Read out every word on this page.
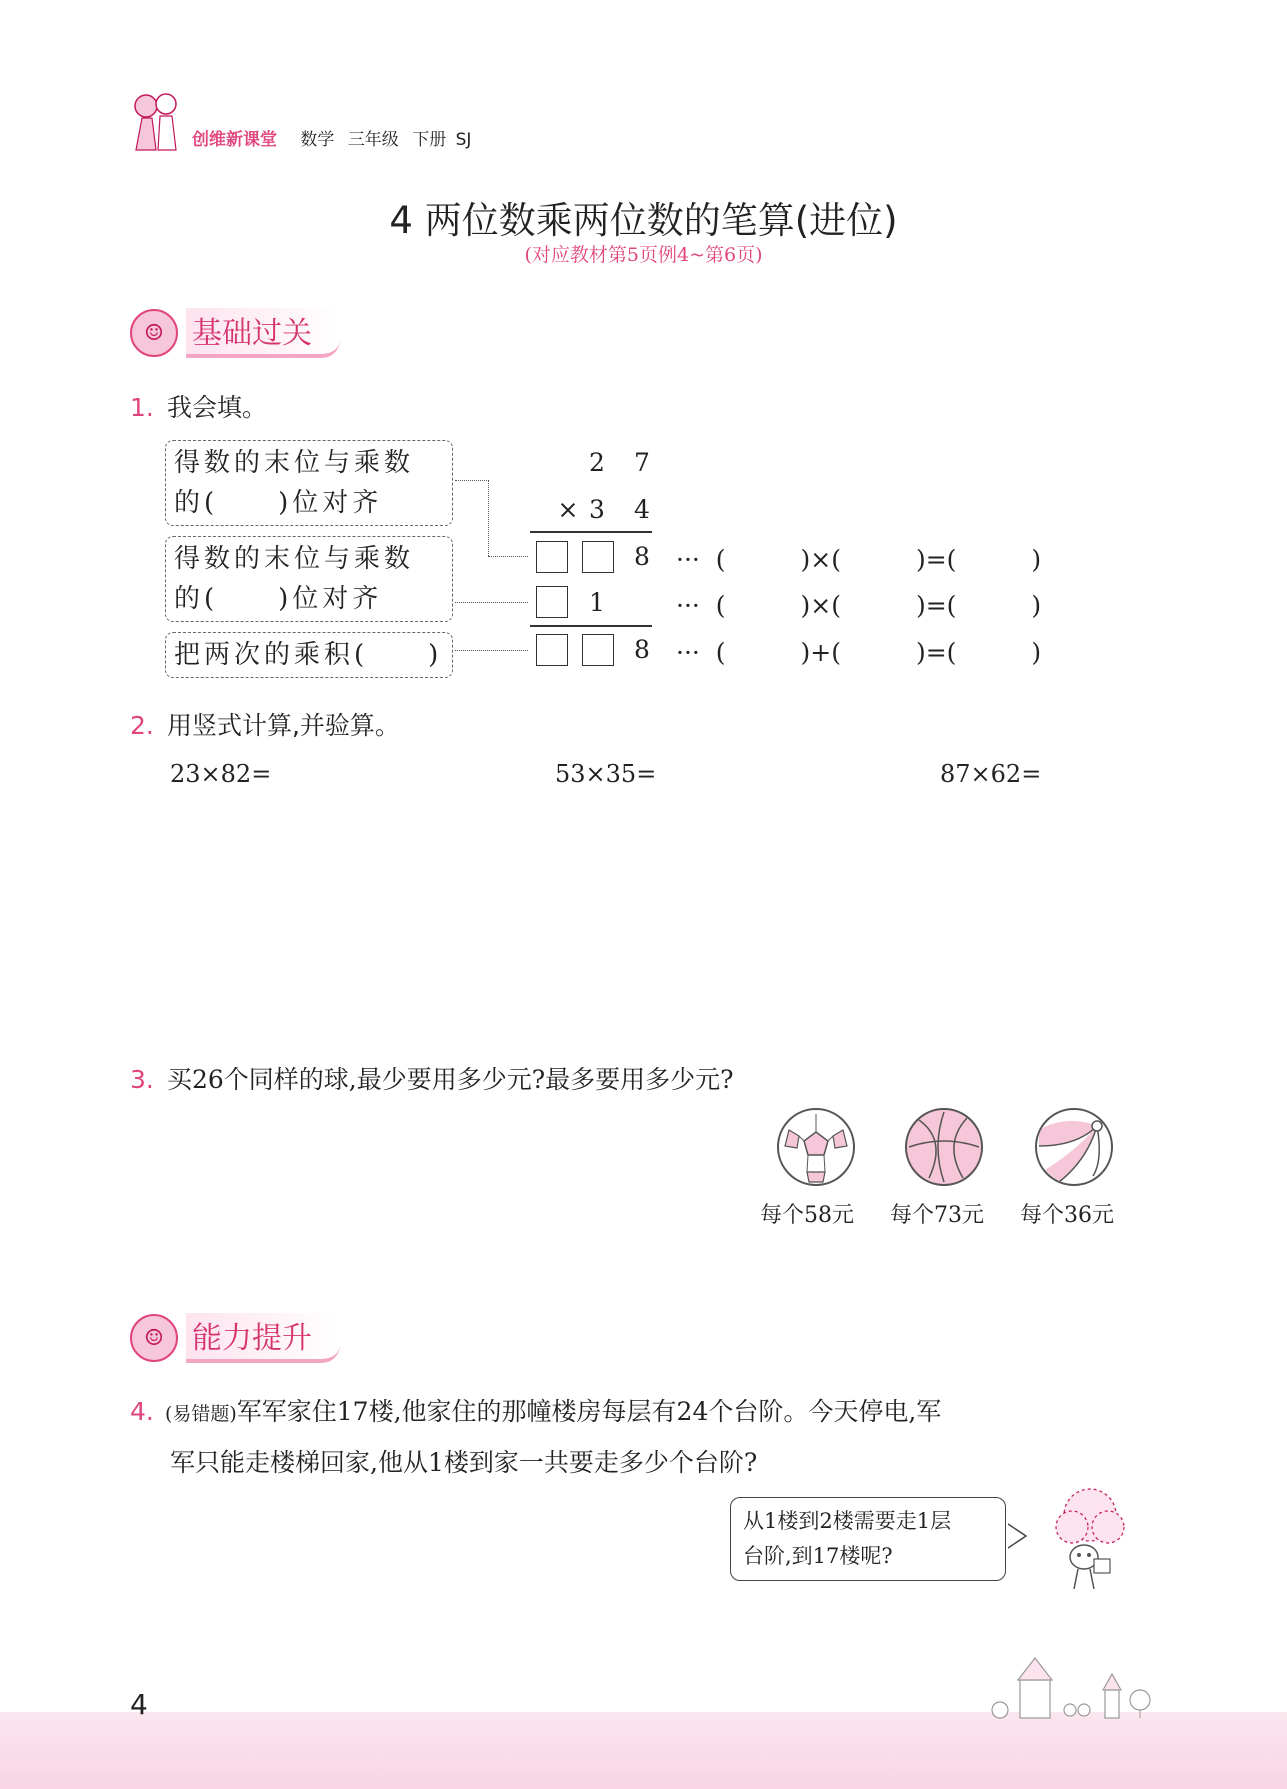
创维新课堂 数学 三年级 下册 SJ
4 两位数乘两位数的笔算(进位)
(对应教材第5页例4~第6页)
☺ 基础过关
1. 我会填。
得数的末位与乘数
的(　　)位对齐
得数的末位与乘数
的(　　)位对齐
把两次的乘积(　　)
2 7
× 3 4
8
1
8
···  (　　　)×(　　　)=(　　　)
···  (　　　)×(　　　)=(　　　)
···  (　　　)+(　　　)=(　　　)
2. 用竖式计算,并验算。
23×82=	53×35=	87×62=
3. 买26个同样的球,最少要用多少元?最多要用多少元?
每个58元 每个73元 每个36元
☺ 能力提升
4. (易错题)军军家住17楼,他家住的那幢楼房每层有24个台阶。今天停电,军
军只能走楼梯回家,他从1楼到家一共要走多少个台阶?
从1楼到2楼需要走1层
台阶,到17楼呢?
4
